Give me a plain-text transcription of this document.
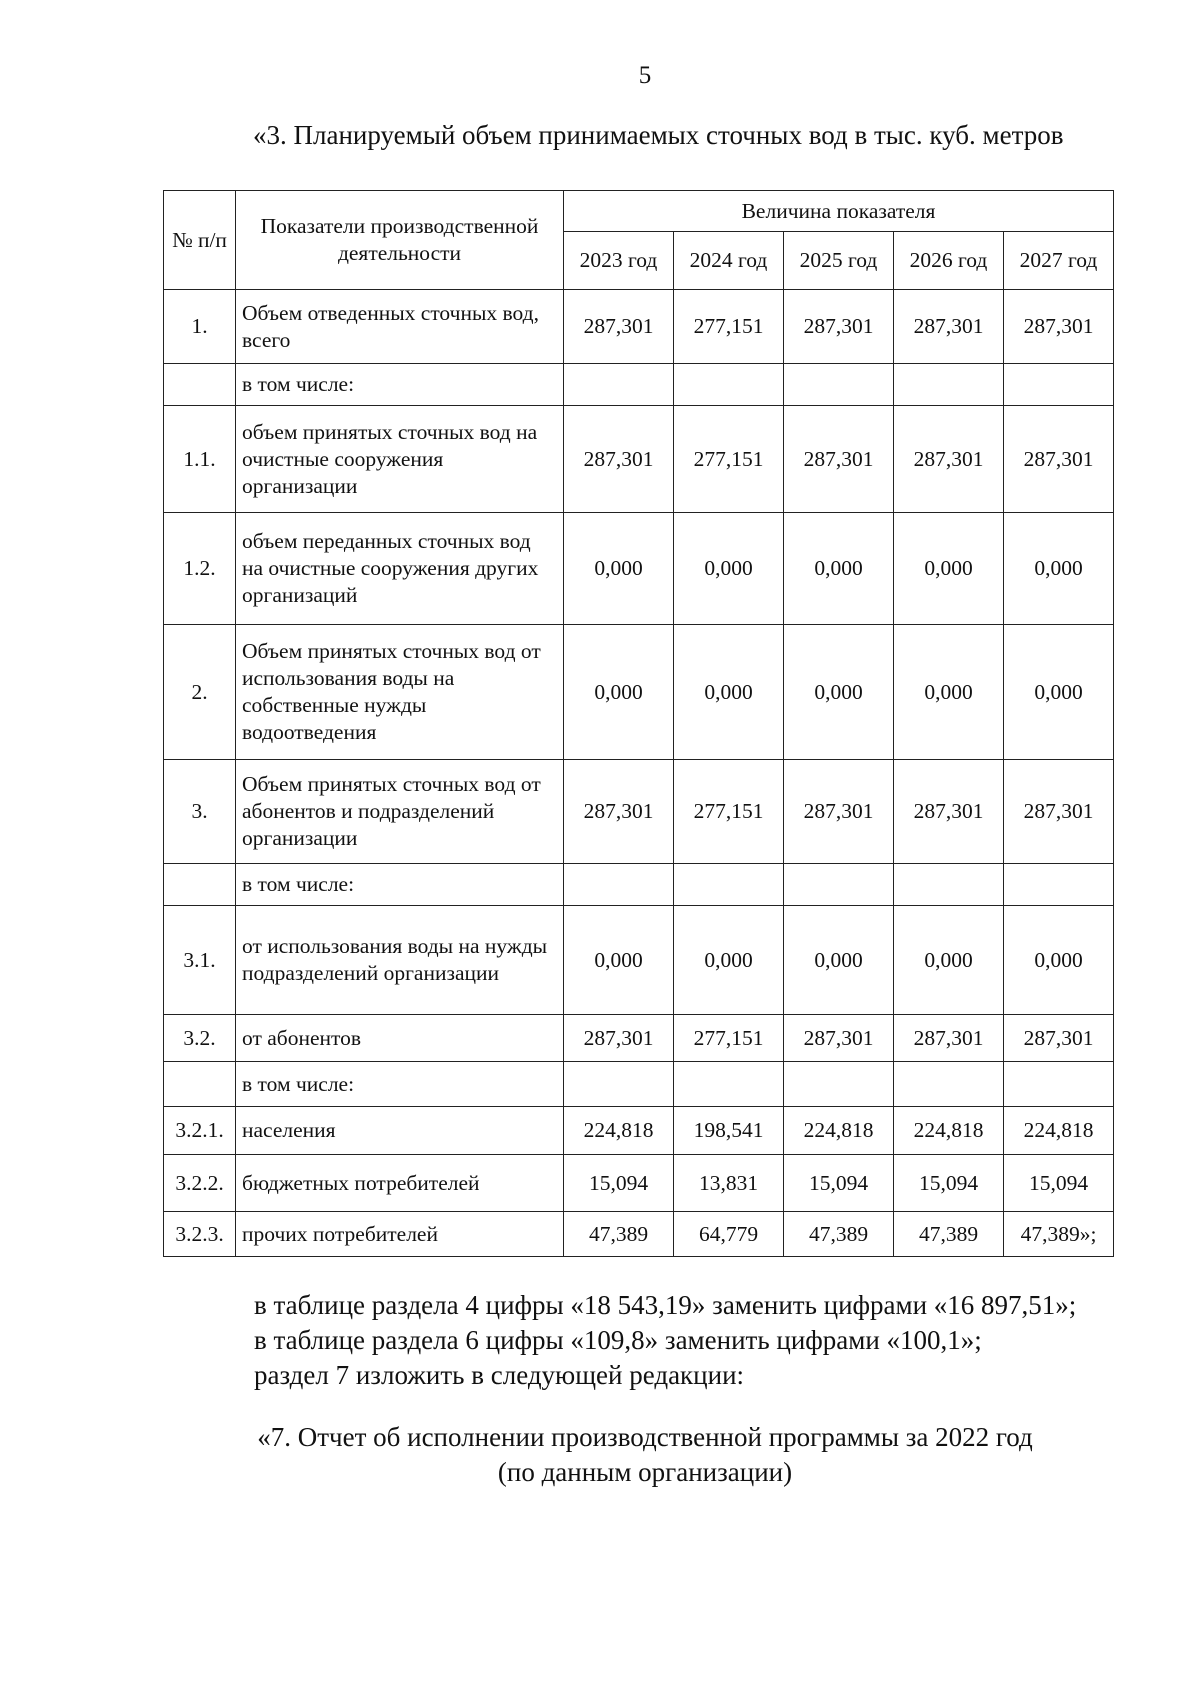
5
«3. Планируемый объем принимаемых сточных вод в тыс. куб. метров
№ п/п	Показатели производственной деятельности	Величина показателя				
		2023 год	2024 год	2025 год	2026 год	2027 год
1.	Объем отведенных сточных вод, всего	287,301	277,151	287,301	287,301	287,301
	в том числе:					
1.1.	объем принятых сточных вод на очистные сооружения организации	287,301	277,151	287,301	287,301	287,301
1.2.	объем переданных сточных вод на очистные сооружения других организаций	0,000	0,000	0,000	0,000	0,000
2.	Объем принятых сточных вод от использования воды на собственные нужды водоотведения	0,000	0,000	0,000	0,000	0,000
3.	Объем принятых сточных вод от абонентов и подразделений организации	287,301	277,151	287,301	287,301	287,301
	в том числе:					
3.1.	от использования воды на нужды подразделений организации	0,000	0,000	0,000	0,000	0,000
3.2.	от абонентов	287,301	277,151	287,301	287,301	287,301
	в том числе:					
3.2.1.	населения	224,818	198,541	224,818	224,818	224,818
3.2.2.	бюджетных потребителей	15,094	13,831	15,094	15,094	15,094
3.2.3.	прочих потребителей	47,389	64,779	47,389	47,389	47,389»;
в таблице раздела 4 цифры «18 543,19» заменить цифрами «16 897,51»;
в таблице раздела 6 цифры «109,8» заменить цифрами «100,1»;
раздел 7 изложить в следующей редакции:
«7. Отчет об исполнении производственной программы за 2022 год
(по данным организации)
